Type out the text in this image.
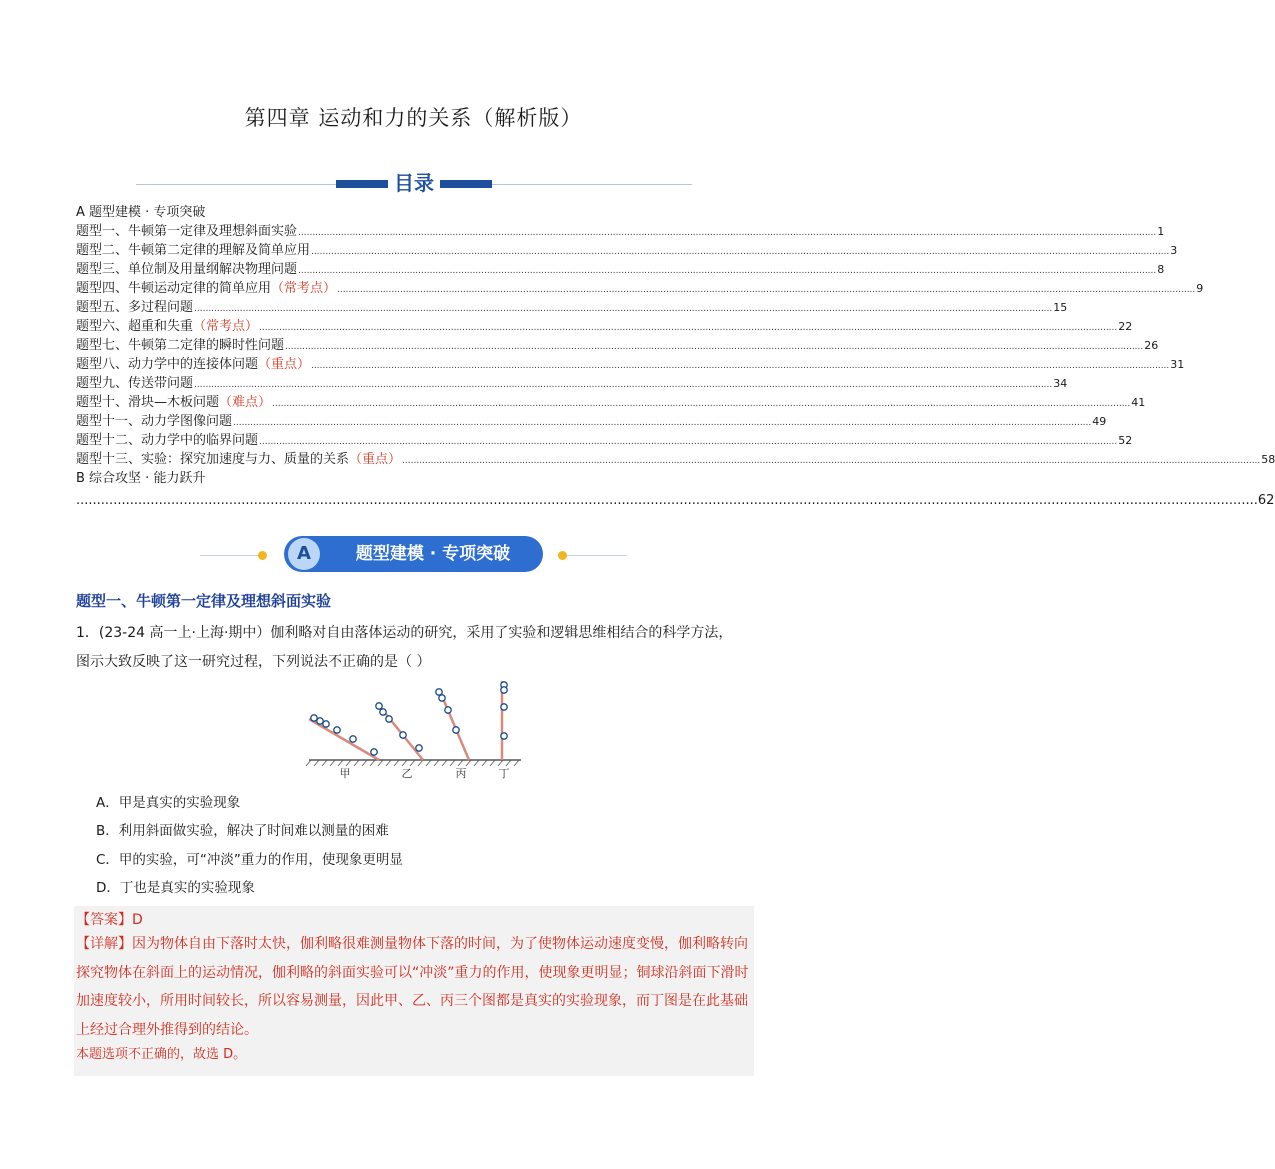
第四章 运动和力的关系（解析版）
目录
A 题型建模 · 专项突破
题型一、牛顿第一定律及理想斜面实验 ............................................................................................................................................................................................................................................................................................................ 1
题型二、牛顿第二定律的理解及简单应用 ............................................................................................................................................................................................................................................................................................................ 3
题型三、单位制及用量纲解决物理问题 ............................................................................................................................................................................................................................................................................................................ 8
题型四、牛顿运动定律的简单应用 （常考点） ............................................................................................................................................................................................................................................................................................................ 9
题型五、多过程问题 ............................................................................................................................................................................................................................................................................................................ 15
题型六、超重和失重 （常考点） ............................................................................................................................................................................................................................................................................................................ 22
题型七、牛顿第二定律的瞬时性问题 ............................................................................................................................................................................................................................................................................................................ 26
题型八、动力学中的连接体问题 （重点） ............................................................................................................................................................................................................................................................................................................ 31
题型九、传送带问题 ............................................................................................................................................................................................................................................................................................................ 34
题型十、滑块—木板问题 （难点） ............................................................................................................................................................................................................................................................................................................ 41
题型十一、动力学图像问题 ............................................................................................................................................................................................................................................................................................................ 49
题型十二、动力学中的临界问题 ............................................................................................................................................................................................................................................................................................................ 52
题型十三、实验：探究加速度与力、质量的关系 （重点） ............................................................................................................................................................................................................................................................................................................ 58
B 综合攻坚 · 能力跃升
.............................................................................................................................................................................................................................................................................................. 62
A	题型建模 · 专项突破
题型一、牛顿第一定律及理想斜面实验
1．(23-24 高一上·上海·期中）伽利略对自由落体运动的研究，采用了实验和逻辑思维相结合的科学方法，
图示大致反映了这一研究过程，下列说法不正确的是（ ）
甲	乙	丙	丁
A．甲是真实的实验现象
B．利用斜面做实验，解决了时间难以测量的困难
C．甲的实验，可“冲淡”重力的作用，使现象更明显
D．丁也是真实的实验现象
【答案】D
【详解】因为物体自由下落时太快，伽利略很难测量物体下落的时间，为了使物体运动速度变慢，伽利略转向探究物体在斜面上的运动情况，伽利略的斜面实验可以“冲淡”重力的作用，使现象更明显；铜球沿斜面下滑时加速度较小，所用时间较长，所以容易测量，因此甲、乙、丙三个图都是真实的实验现象，而丁图是在此基础上经过合理外推得到的结论。
本题选项不正确的，故选 D。
